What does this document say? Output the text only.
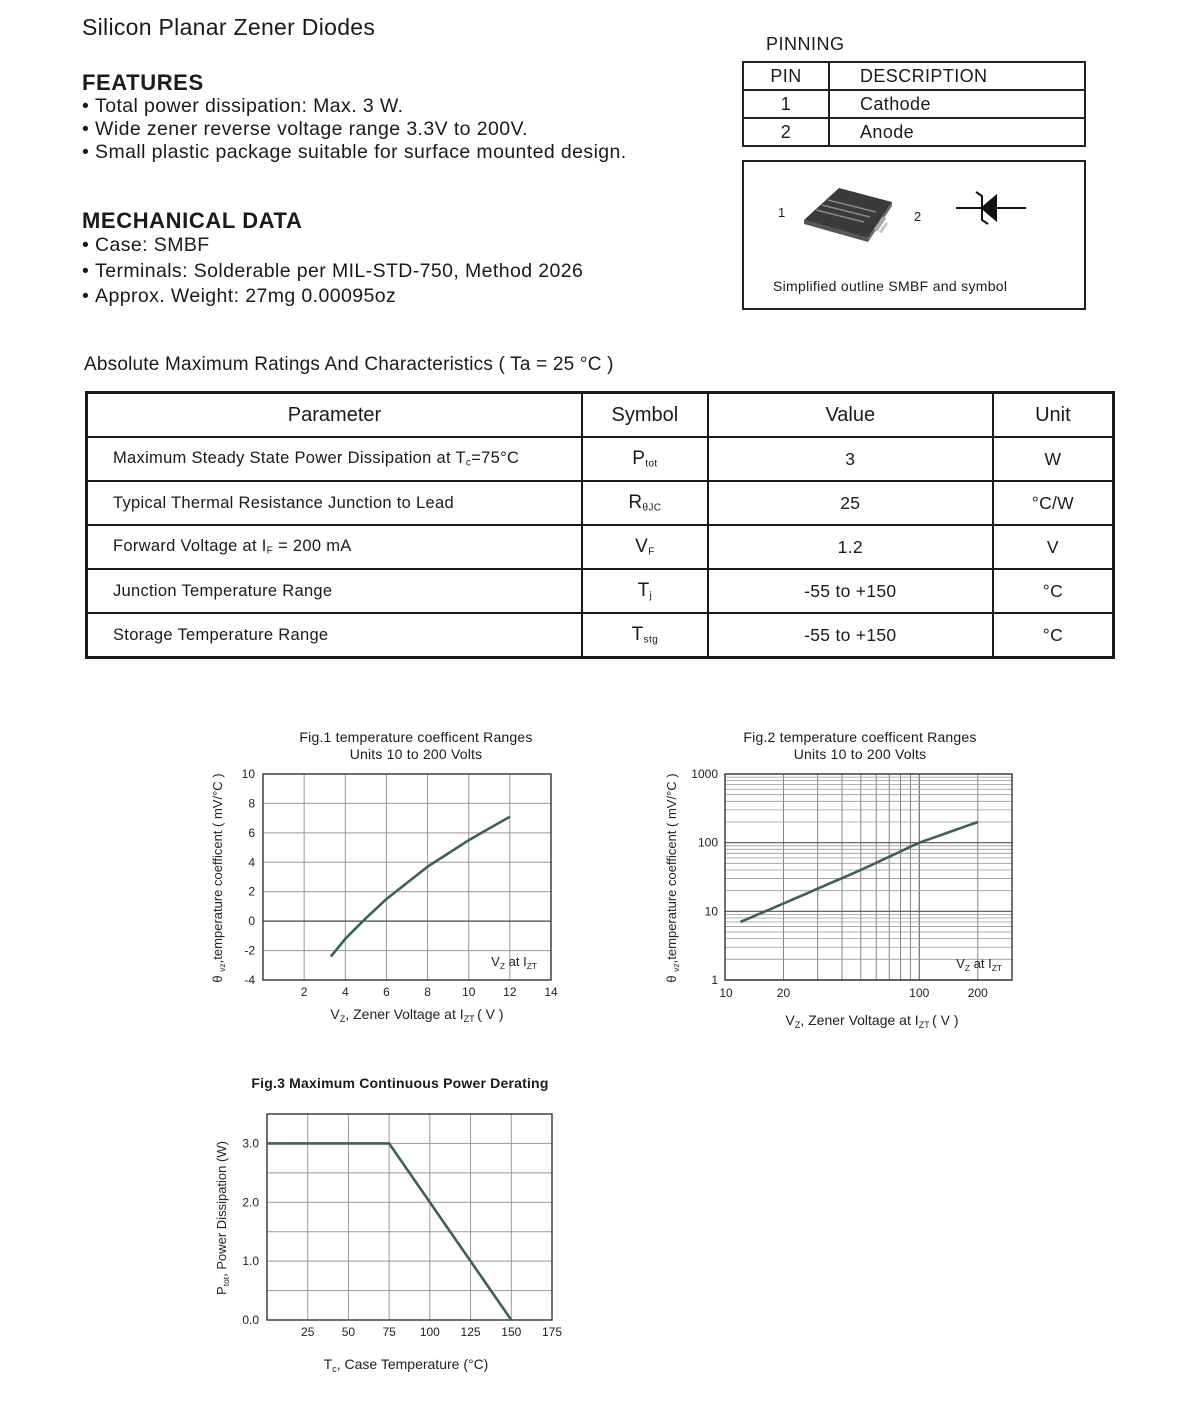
Silicon Planar Zener Diodes
FEATURES
• Total power dissipation: Max. 3 W.
• Wide zener reverse voltage range 3.3V to 200V.
• Small plastic package suitable for surface mounted design.
MECHANICAL DATA
• Case: SMBF
• Terminals: Solderable per MIL-STD-750, Method 2026
• Approx. Weight: 27mg 0.00095oz
PINNING
PIN	DESCRIPTION
1	Cathode
2	Anode
1	2
Simplified outline SMBF and symbol
Absolute Maximum Ratings And Characteristics ( Ta = 25 °C )
Parameter	Symbol	Value	Unit
Maximum Steady State Power Dissipation at $T_c=75^\circ C$	$P_{tot}$	3	W
Typical Thermal Resistance Junction to Lead	$R_{\theta JC}$	25	°C/W
Forward Voltage at $I_F = 200$ mA	$V_F$	1.2	V
Junction Temperature Range	$T_j$	-55 to +150	°C
Storage Temperature Range	$T_{stg}$	-55 to +150	°C
Fig.1 temperature coefficent Ranges
Units 10 to 200 Volts
2	4	6	8	10 12 14
-4
-2
0
2
4
6
8
10
$V_Z$ at $I_{ZT}$
$V_Z$, Zener Voltage at $I_{ZT}$ ( V )
θ $_{vz}$,temperature coefficent ( mV/°C )
Fig.2 temperature coefficent Ranges
Units 10 to 200 Volts
10	20	100	200
1
10
100
1000
$V_Z$ at $I_{ZT}$
$V_Z$, Zener Voltage at $I_{ZT}$ ( V )
θ $_{vz}$,temperature coefficent ( mV/°C )
Fig.3 Maximum Continuous Power Derating
25 50 75 100 125 150 175
0.0
1.0
2.0
3.0
$T_c$, Case Temperature (°C)
$P_{tot}$, Power Dissipation (W)
